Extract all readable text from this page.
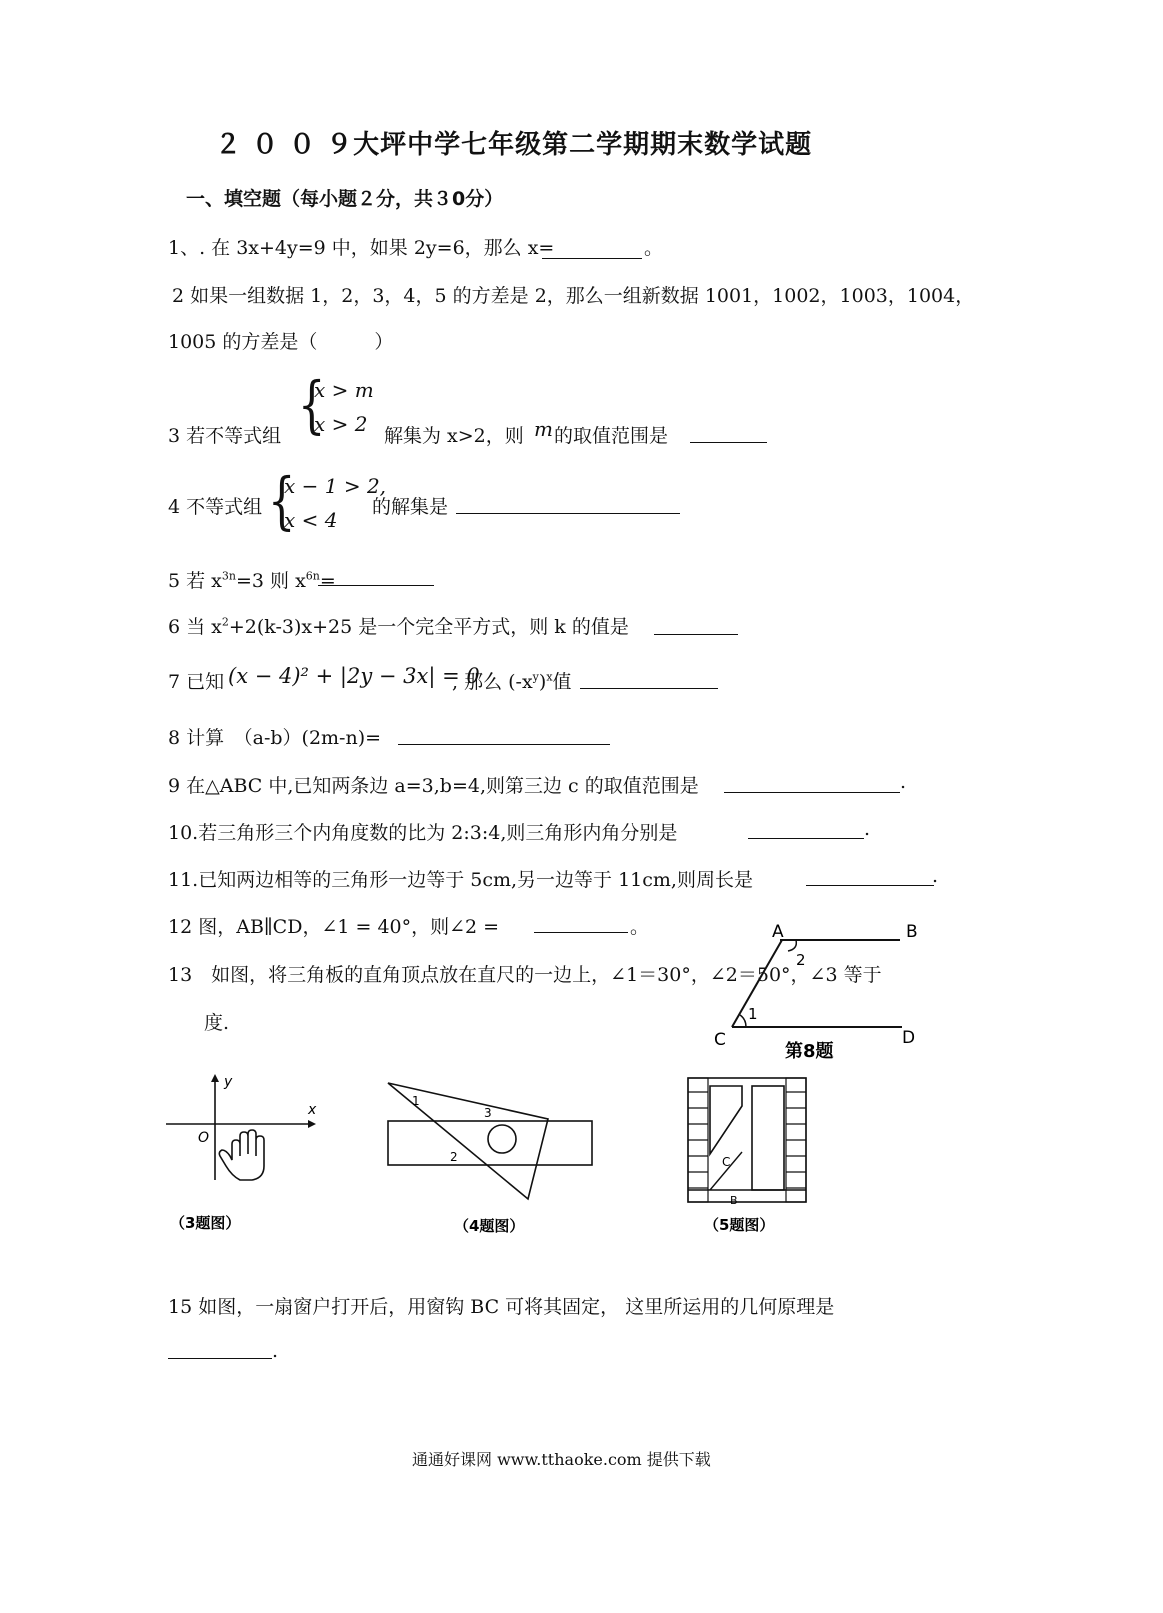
２ ０ ０ ９大坪中学七年级第二学期期末数学试题
一、填空题（每小题２分，共３0分）
1、. 在 3x+4y=9 中，如果 2y=6，那么 x=	。
2 如果一组数据 1，2，3，4，5 的方差是 2，那么一组新数据 1001，1002，1003，1004，
1005 的方差是（　　　）
{
x > m
x > 2
3 若不等式组	解集为 x>2，则 m 的取值范围是
{
x − 1 > 2,
x < 4
4 不等式组	的解集是
5 若 $x^{3n}=3$ 则 $x^{6n}=$
6 当 $x^2+2(k-3)x+25$ 是一个完全平方式，则 k 的值是
7 已知 (x − 4)² + |2y − 3x| = 0
, 那么 $(-x^y)^x$值
8 计算　（a-b）(2m-n)=
9 在△ABC 中,已知两条边 a=3,b=4,则第三边 c 的取值范围是	.
10.若三角形三个内角度数的比为 2:3:4,则三角形内角分别是	.
11.已知两边相等的三角形一边等于 5cm,另一边等于 11cm,则周长是	.
12 图，AB∥CD，∠1 = 40°，则∠2 =	。
13　如图，将三角板的直角顶点放在直尺的一边上，∠1＝30°，∠2＝50°，∠3 等于
度.
A	B
C	D
1
2
第8题
y
x
O
（3题图）
1
2
3
（4题图）
C
B
（5题图）
15 如图，一扇窗户打开后，用窗钩 BC 可将其固定， 这里所运用的几何原理是
.
通通好课网 www.tthaoke.com 提供下载
